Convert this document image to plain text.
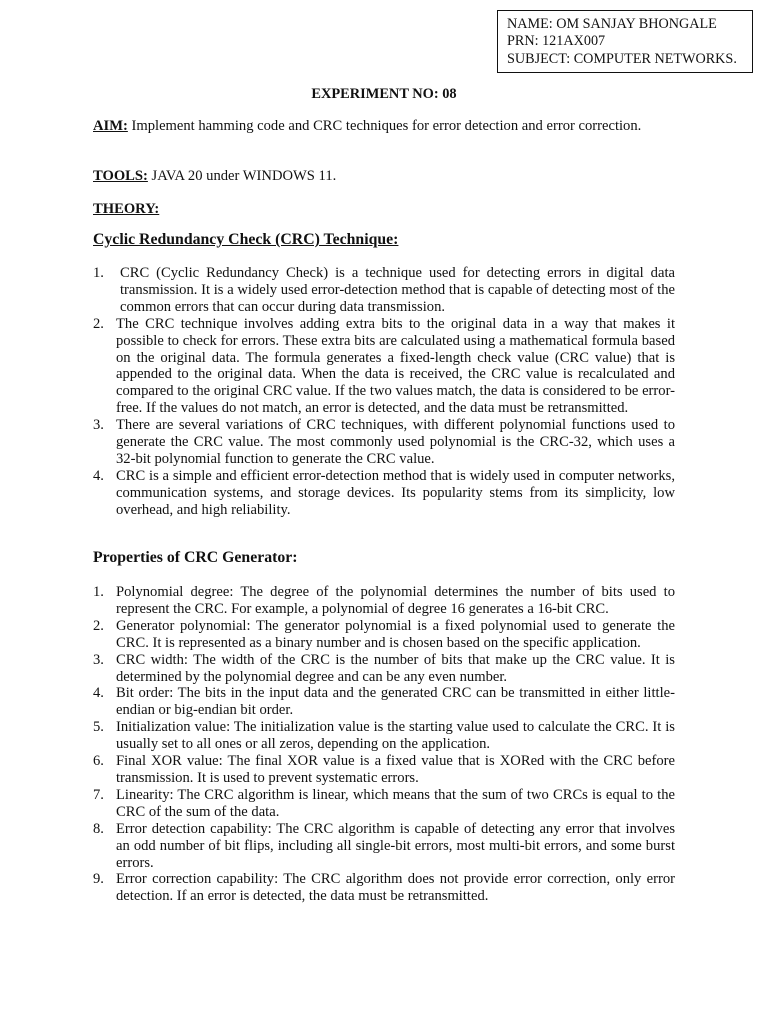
NAME: OM SANJAY BHONGALE
PRN: 121AX007
SUBJECT: COMPUTER NETWORKS.
EXPERIMENT NO: 08
AIM: Implement hamming code and CRC techniques for error detection and error correction.
TOOLS: JAVA 20 under WINDOWS 11.
THEORY:
Cyclic Redundancy Check (CRC) Technique:
1. CRC (Cyclic Redundancy Check) is a technique used for detecting errors in digital data transmission. It is a widely used error-detection method that is capable of detecting most of the common errors that can occur during data transmission.
2. The CRC technique involves adding extra bits to the original data in a way that makes it possible to check for errors. These extra bits are calculated using a mathematical formula based on the original data. The formula generates a fixed-length check value (CRC value) that is appended to the original data. When the data is received, the CRC value is recalculated and compared to the original CRC value. If the two values match, the data is considered to be error-free. If the values do not match, an error is detected, and the data must be retransmitted.
3. There are several variations of CRC techniques, with different polynomial functions used to generate the CRC value. The most commonly used polynomial is the CRC-32, which uses a 32-bit polynomial function to generate the CRC value.
4. CRC is a simple and efficient error-detection method that is widely used in computer networks, communication systems, and storage devices. Its popularity stems from its simplicity, low overhead, and high reliability.
Properties of CRC Generator:
1. Polynomial degree: The degree of the polynomial determines the number of bits used to represent the CRC. For example, a polynomial of degree 16 generates a 16-bit CRC.
2. Generator polynomial: The generator polynomial is a fixed polynomial used to generate the CRC. It is represented as a binary number and is chosen based on the specific application.
3. CRC width: The width of the CRC is the number of bits that make up the CRC value. It is determined by the polynomial degree and can be any even number.
4. Bit order: The bits in the input data and the generated CRC can be transmitted in either little-endian or big-endian bit order.
5. Initialization value: The initialization value is the starting value used to calculate the CRC. It is usually set to all ones or all zeros, depending on the application.
6. Final XOR value: The final XOR value is a fixed value that is XORed with the CRC before transmission. It is used to prevent systematic errors.
7. Linearity: The CRC algorithm is linear, which means that the sum of two CRCs is equal to the CRC of the sum of the data.
8. Error detection capability: The CRC algorithm is capable of detecting any error that involves an odd number of bit flips, including all single-bit errors, most multi-bit errors, and some burst errors.
9. Error correction capability: The CRC algorithm does not provide error correction, only error detection. If an error is detected, the data must be retransmitted.
